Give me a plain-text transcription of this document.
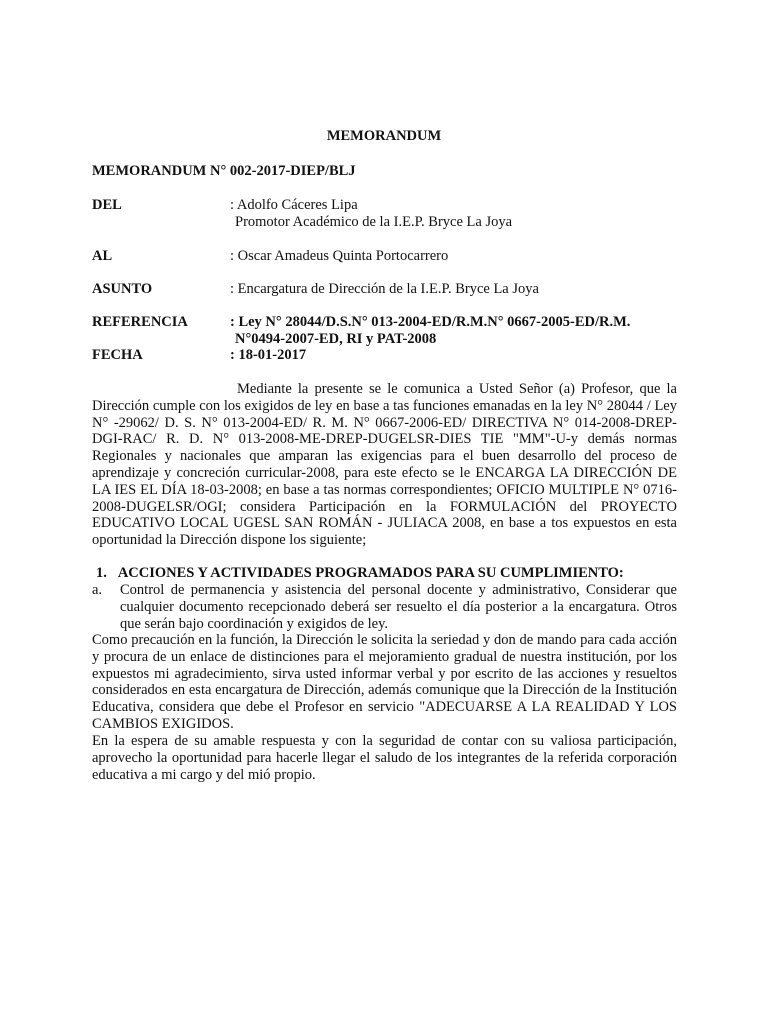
MEMORANDUM
MEMORANDUM N° 002-2017-DIEP/BLJ
DEL	: Adolfo Cáceres Lipa
Promotor Académico de la I.E.P. Bryce La Joya
AL	: Oscar Amadeus Quinta Portocarrero
ASUNTO	: Encargatura de Dirección de la I.E.P. Bryce La Joya
REFERENCIA	: Ley N° 28044/D.S.N° 013-2004-ED/R.M.N° 0667-2005-ED/R.M.
N°0494-2007-ED, RI y PAT-2008
FECHA	: 18-01-2017

Mediante la presente se le comunica a Usted Señor (a) Profesor, que la Dirección cumple con los exigidos de ley en base a tas funciones emanadas en la ley N° 28044 / Ley N° -29062/ D. S. N° 013-2004-ED/ R. M. N° 0667-2006-ED/ DIRECTIVA N° 014-2008-DREP-DGI-RAC/ R. D. N° 013-2008-ME-DREP-DUGELSR-DIES TIE "MM"-U-y demás normas Regionales y nacionales que amparan las exigencias para el buen desarrollo del proceso de aprendizaje y concreción curricular-2008, para este efecto se le ENCARGA LA DIRECCIÓN DE LA IES EL DÍA 18-03-2008; en base a tas normas correspondientes; OFICIO MULTIPLE N° 0716-2008-DUGELSR/OGI; considera Participación en la FORMULACIÓN del PROYECTO EDUCATIVO LOCAL UGESL SAN ROMÁN - JULIACA 2008, en base a tos expuestos en esta oportunidad la Dirección dispone los siguiente;

1. ACCIONES Y ACTIVIDADES PROGRAMADOS PARA SU CUMPLIMIENTO:
a. Control de permanencia y asistencia del personal docente y administrativo, Considerar que cualquier documento recepcionado deberá ser resuelto el día posterior a la encargatura. Otros que serán bajo coordinación y exigidos de ley.

Como precaución en la función, la Dirección le solicita la seriedad y don de mando para cada acción y procura de un enlace de distinciones para el mejoramiento gradual de nuestra institución, por los expuestos mi agradecimiento, sirva usted informar verbal y por escrito de las acciones y resueltos considerados en esta encargatura de Dirección, además comunique que la Dirección de la Institución Educativa, considera que debe el Profesor en servicio "ADECUARSE A LA REALIDAD Y LOS CAMBIOS EXIGIDOS.

En la espera de su amable respuesta y con la seguridad de contar con su valiosa participación, aprovecho la oportunidad para hacerle llegar el saludo de los integrantes de la referida corporación educativa a mi cargo y del mió propio.
